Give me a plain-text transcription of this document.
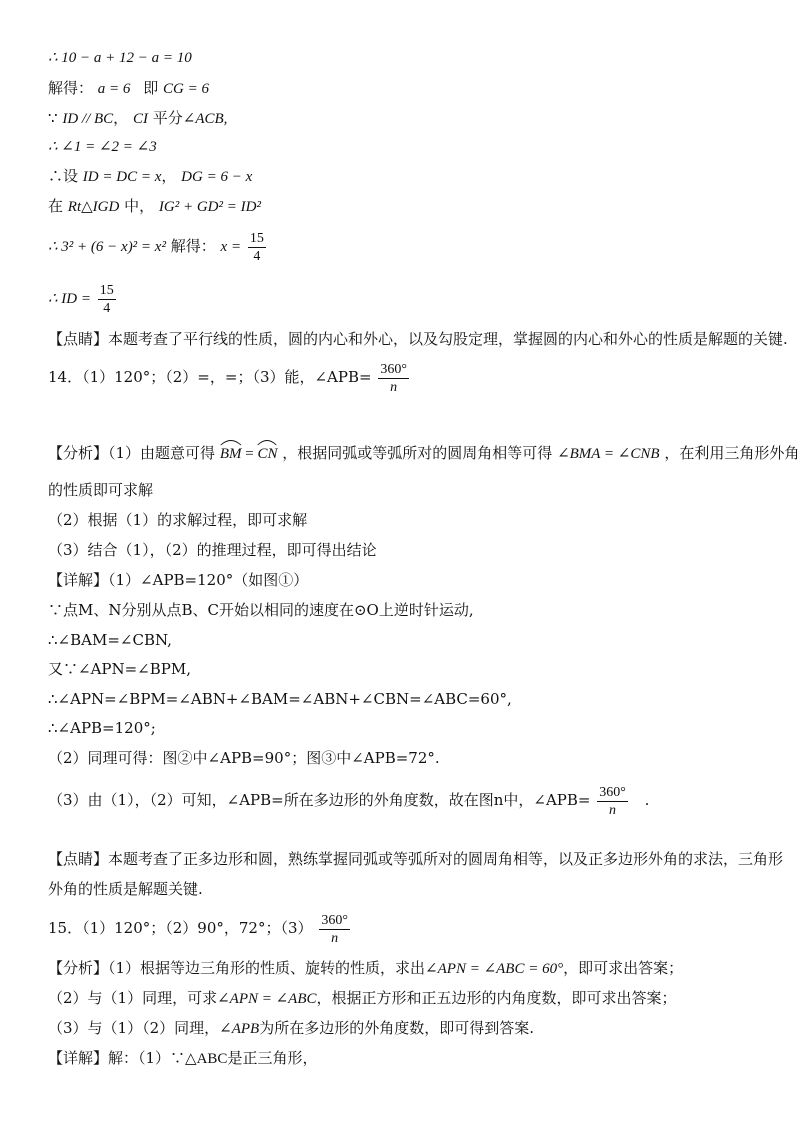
∴ 10 − a + 12 − a = 10
解得： a = 6 即 CG = 6
∵ ID // BC， CI 平分∠ACB,
∴ ∠1 = ∠2 = ∠3
∴设 ID = DC = x， DG = 6 − x
在 Rt△IGD 中， IG² + GD² = ID²
∴ 3² + (6 − x)² = x² 解得： $x = \frac{15}{4}$
∴ ID = $\frac{15}{4}$
【点睛】本题考查了平行线的性质，圆的内心和外心，以及勾股定理，掌握圆的内心和外心的性质是解题的关键.
14．（1）120°；（2）=，=；（3）能，∠APB= $\frac{360^\circ}{n}$
【分析】（1）由题意可得 BM =
CN ，根据同弧或等弧所对的圆周角相等可得 ∠BMA = ∠CNB ，在利用三角形外角
的性质即可求解
（2）根据（1）的求解过程，即可求解
（3）结合（1），（2）的推理过程，即可得出结论
【详解】（1）∠APB=120°（如图①）
∵点M、N分别从点B、C开始以相同的速度在⊙O上逆时针运动,
∴∠BAM=∠CBN,
又∵∠APN=∠BPM,
∴∠APN=∠BPM=∠ABN+∠BAM=∠ABN+∠CBN=∠ABC=60°,
∴∠APB=120°;
（2）同理可得：图②中∠APB=90°；图③中∠APB=72°.
（3）由（1），（2）可知，∠APB=所在多边形的外角度数，故在图n中，∠APB= $\frac{360^\circ}{n}$ .
【点睛】本题考查了正多边形和圆，熟练掌握同弧或等弧所对的圆周角相等，以及正多边形外角的求法，三角形
外角的性质是解题关键.
15．（1）120°；（2）90°，72°；$(3) \frac{360^\circ}{n}$
【分析】（1）根据等边三角形的性质、旋转的性质，求出∠APN = ∠ABC = 60°，即可求出答案；
（2）与（1）同理，可求∠APN = ∠ABC，根据正方形和正五边形的内角度数，即可求出答案；
（3）与（1）（2）同理，∠APB为所在多边形的外角度数，即可得到答案.
【详解】解：（1）∵△ABC是正三角形，
